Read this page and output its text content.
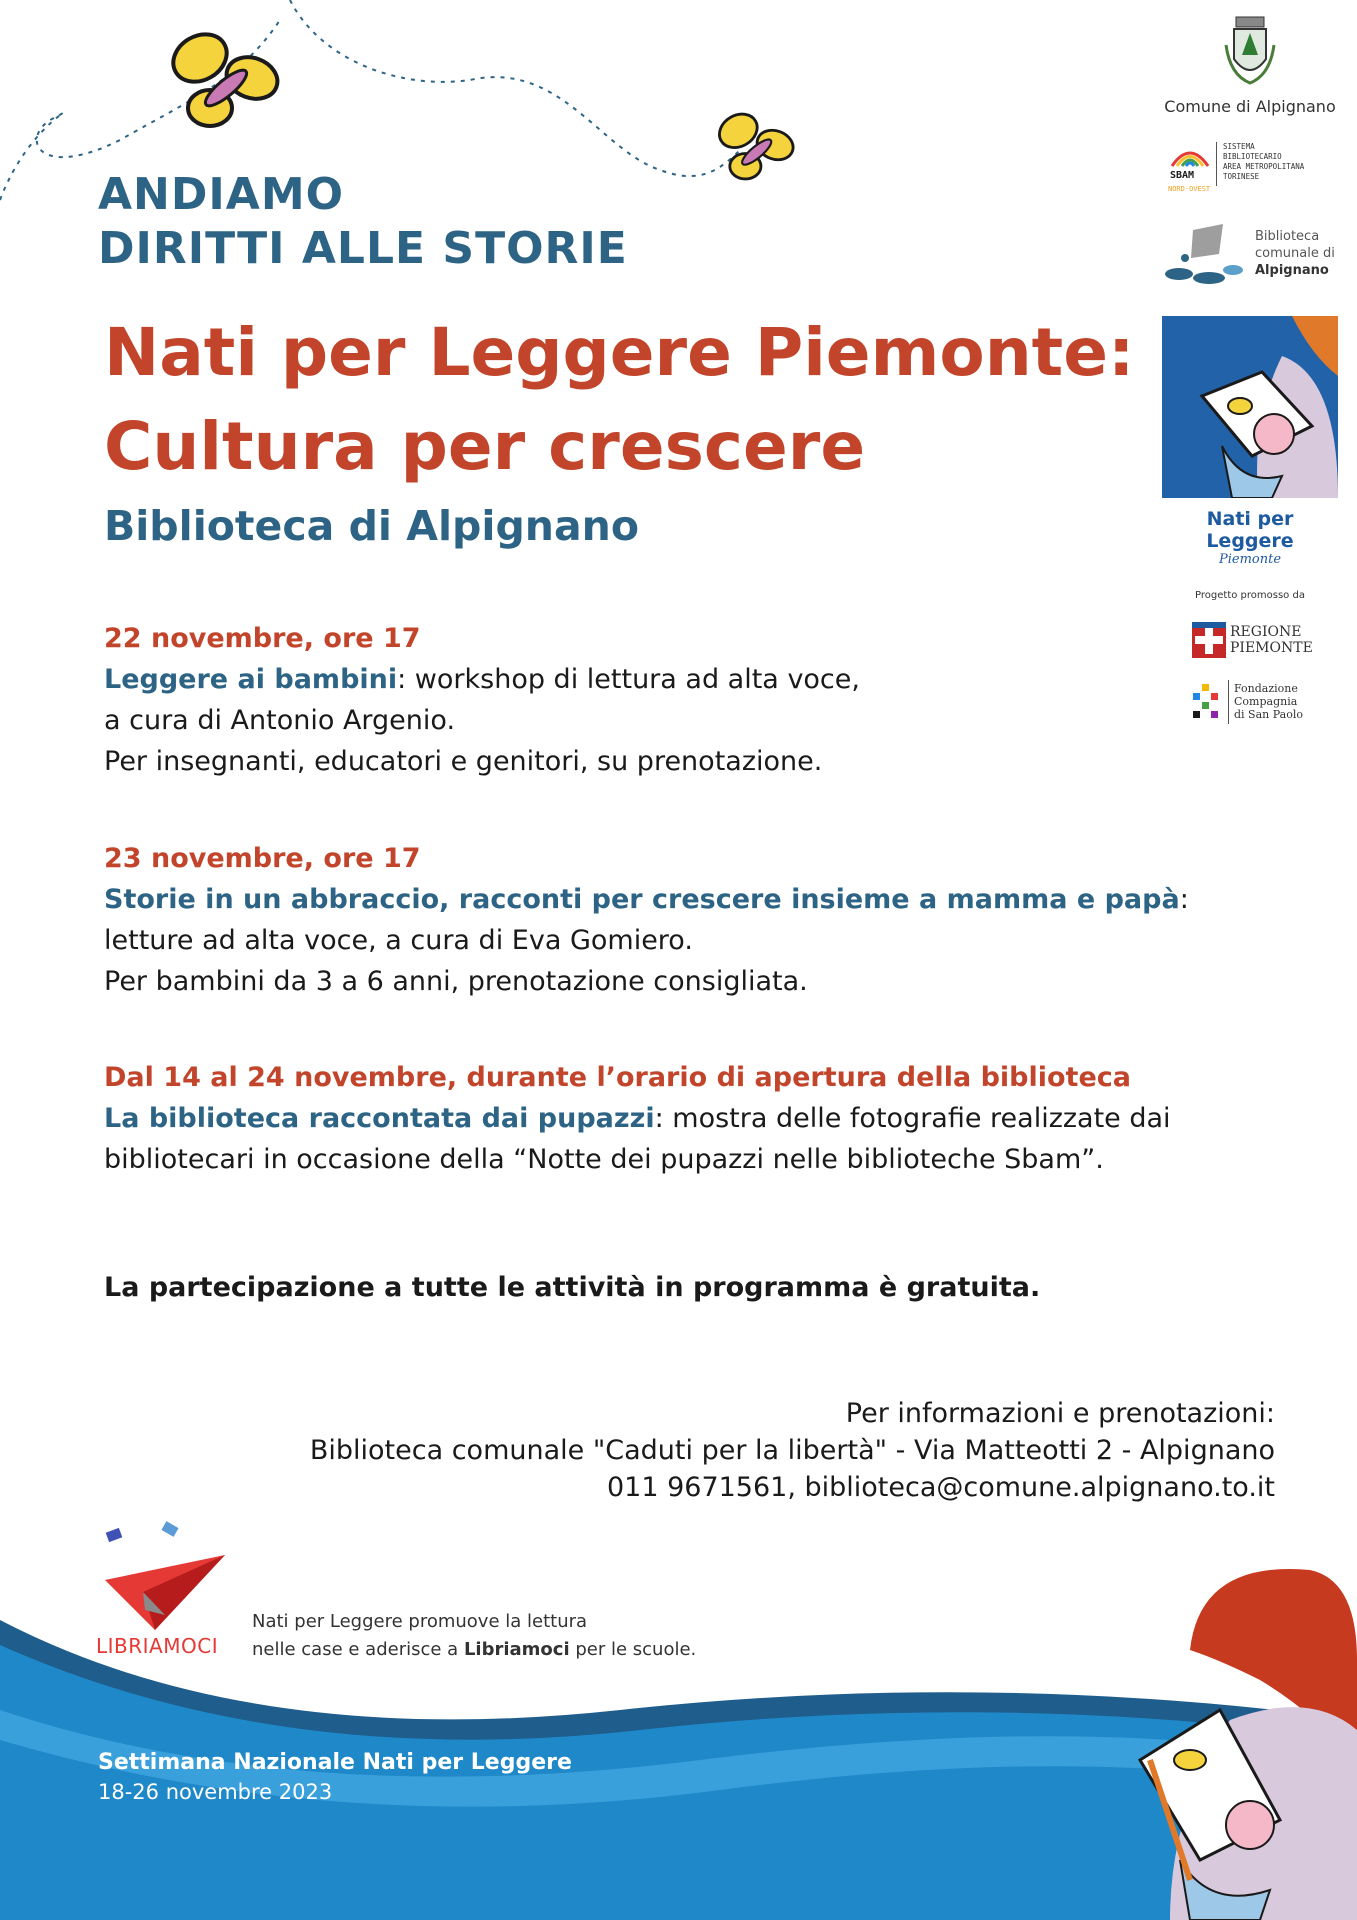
ANDIAMO
DIRITTI ALLE STORIE
Nati per Leggere Piemonte:
Cultura per crescere
Biblioteca di Alpignano
22 novembre, ore 17
Leggere ai bambini: workshop di lettura ad alta voce,
a cura di Antonio Argenio.
Per insegnanti, educatori e genitori, su prenotazione.
23 novembre, ore 17
Storie in un abbraccio, racconti per crescere insieme a mamma e papà:
letture ad alta voce, a cura di Eva Gomiero.
Per bambini da 3 a 6 anni, prenotazione consigliata.
Dal 14 al 24 novembre, durante l’orario di apertura della biblioteca
La biblioteca raccontata dai pupazzi: mostra delle fotografie realizzate dai
bibliotecari in occasione della “Notte dei pupazzi nelle biblioteche Sbam”.
La partecipazione a tutte le attività in programma è gratuita.
Per informazioni e prenotazioni:
Biblioteca comunale "Caduti per la libertà" - Via Matteotti 2 - Alpignano
011 9671561, biblioteca@comune.alpignano.to.it
Comune di Alpignano
SBAM
NORD-OVEST
SISTEMA
BIBLIOTECARIO
AREA METROPOLITANA
TORINESE
Biblioteca
comunale di
Alpignano
Nati per Leggere
Piemonte
Progetto promosso da
REGIONE
PIEMONTE
Fondazione
Compagnia
di San Paolo
LIBRIAMOCI
Nati per Leggere promuove la lettura
nelle case e aderisce a Libriamoci per le scuole.
Settimana Nazionale Nati per Leggere
18-26 novembre 2023
